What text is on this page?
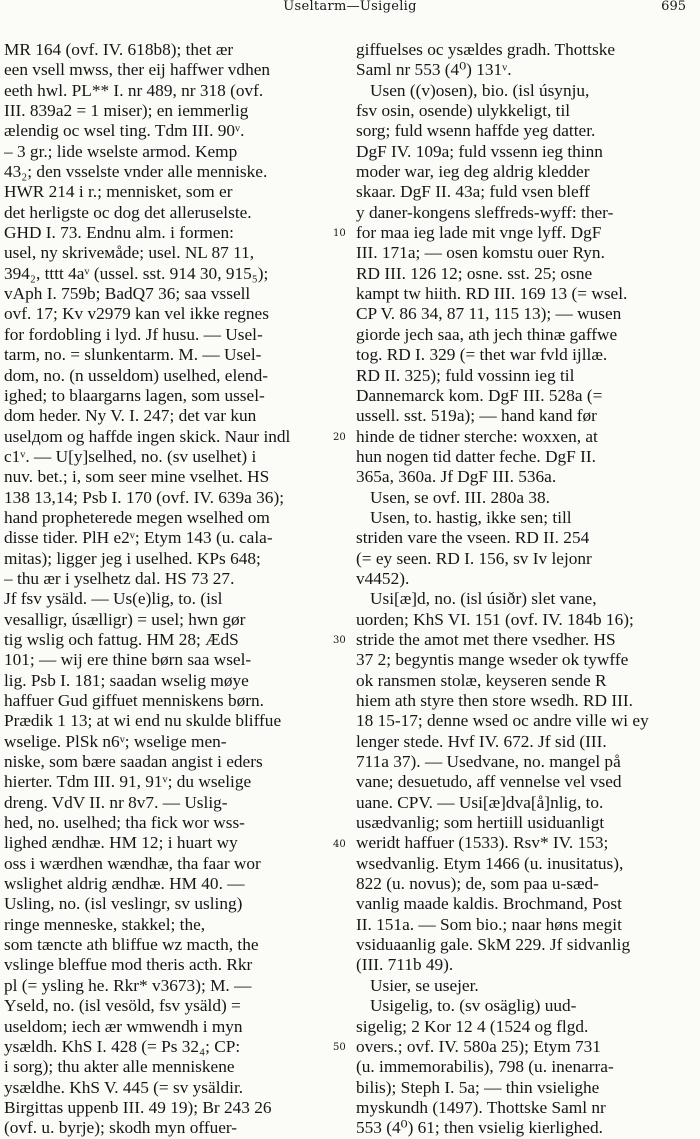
Useltarm—Usigelig	695
MR 164 (ovf. IV. 618b8); thet ær
een vsell mwss, ther eij haffwer vdhen
eeth hwl. PL** I. nr 489, nr 318 (ovf.
III. 839a2 = 1 miser); en iemmerlig
ælendig oc wsel ting. Tdm III. 90ᵛ.
– 3 gr.; lide wselste armod. Kemp
43₂; den vsselste vnder alle menniske.
HWR 214 i r.; mennisket, som er
det herligste oc dog det alleruselste.
GHD I. 73. Endnu alm. i formen:
usel, ny skriveмåde; usel. NL 87 11,
394₂, tttt 4aᵛ (ussel. sst. 914 30, 915₅);
vAph I. 759b; BadQ7 36; saa vssell
ovf. 17; Kv v2979 kan vel ikke regnes
for fordobling i lyd. Jf husu. — Usel-
tarm, no. = slunkentarm. M. — Usel-
dom, no. (n usseldom) uselhed, elend-
ighed; to blaargarns lagen, som ussel-
dom heder. Ny V. I. 247; det var kun
uselдom og haffde ingen skick. Naur indl
c1ᵛ. — U[y]selhed, no. (sv uselhet) i
nuv. bet.; i, som seer mine vselhet. HS
138 13,14; Psb I. 170 (ovf. IV. 639a 36);
hand propheterede megen wselhed om
disse tider. PlH e2ᵛ; Etym 143 (u. cala-
mitas); ligger jeg i uselhed. KPs 648;
– thu ær i yselhetz dal. HS 73 27.
Jf fsv ysäld. — Us(e)lig, to. (isl
vesalligr, úsælligr) = usel; hwn gør
tig wslig och fattug. HM 28; ÆdS
101; — wij ere thine børn saa wsel-
lig. Psb I. 181; saadan wselig møye
haffuer Gud giffuet menniskens børn.
Prædik 1 13; at wi end nu skulde bliffue
wselige. PlSk n6ᵛ; wselige men-
niske, som bære saadan angist i eders
hierter. Tdm III. 91, 91ᵛ; du wselige
dreng. VdV II. nr 8v7. — Uslig-
hed, no. uselhed; tha fick wor wss-
lighed ændhæ. HM 12; i huart wy
oss i wærdhen wændhæ, tha faar wor
wslighet aldrig ændhæ. HM 40. —
Usling, no. (isl veslingr, sv usling)
ringe menneske, stakkel; the,
som tæncte ath bliffue wz macth, the
vslinge bleffue mod theris acth. Rkr
pl (= ysling he. Rkr* v3673); M. —
Yseld, no. (isl vesöld, fsv ysäld) =
useldom; iech ær wmwendh i myn
ysældh. KhS I. 428 (= Ps 32₄; CP:
i sorg); thu akter alle menniskene
ysældhe. KhS V. 445 (= sv ysäldir.
Birgittas uppenb III. 49 19); Br 243 26
(ovf. u. byrje); skodh myn offuer-
10
20
30
40
50
giffuelses oc ysældes gradh. Thottske
Saml nr 553 (4⁰) 131ᵛ.
Usen ((v)osen), bio. (isl úsynju,
fsv osin, osende) ulykkeligt, til
sorg; fuld wsenn haffde yeg datter.
DgF IV. 109a; fuld vssenn ieg thinn
moder war, ieg deg aldrig kledder
skaar. DgF II. 43a; fuld vsen bleff
y daner-kongens sleffreds-wyff: ther-
for maa ieg lade mit vnge lyff. DgF
III. 171a; — osen komstu ouer Ryn.
RD III. 126 12; osne. sst. 25; osne
kampt tw hiith. RD III. 169 13 (= wsel.
CP V. 86 34, 87 11, 115 13); — wusen
giorde jech saa, ath jech thinæ gaffwe
tog. RD I. 329 (= thet war fvld ijllæ.
RD II. 325); fuld vossinn ieg til
Dannemarck kom. DgF III. 528a (=
ussell. sst. 519a); — hand kand før
hinde de tidner sterche: woxxen, at
hun nogen tid datter feche. DgF II.
365a, 360a. Jf DgF III. 536a.
Usen, se ovf. III. 280a 38.
Usen, to. hastig, ikke sen; till
striden vare the vseen. RD II. 254
(= ey seen. RD I. 156, sv Iv lejonr
v4452).
Usi[æ]d, no. (isl úsiðr) slet vane,
uorden; KhS VI. 151 (ovf. IV. 184b 16);
stride the amot met there vsedher. HS
37 2; begyntis mange wseder ok tywffe
ok ransmen stolæ, keyseren sende R
hiem ath styre then store wsedh. RD III.
18 15-17; denne wsed oc andre ville wi ey
lenger stede. Hvf IV. 672. Jf sid (III.
711a 37). — Usedvane, no. mangel på
vane; desuetudo, aff vennelse vel vsed
uane. CPV. — Usi[æ]dva[å]nlig, to.
usædvanlig; som hertiill usiduanligt
weridt haffuer (1533). Rsv* IV. 153;
wsedvanlig. Etym 1466 (u. inusitatus),
822 (u. novus); de, som paa u-sæd-
vanlig maade kaldis. Brochmand, Post
II. 151a. — Som bio.; naar høns megit
vsiduaanlig gale. SkM 229. Jf sidvanlig
(III. 711b 49).
Usier, se usejer.
Usigelig, to. (sv osäglig) uud-
sigelig; 2 Kor 12 4 (1524 og flgd.
overs.; ovf. IV. 580a 25); Etym 731
(u. immemorabilis), 798 (u. inenarra-
bilis); Steph I. 5a; — thin vsielighe
myskundh (1497). Thottske Saml nr
553 (4⁰) 61; then vsielig kierlighed.
